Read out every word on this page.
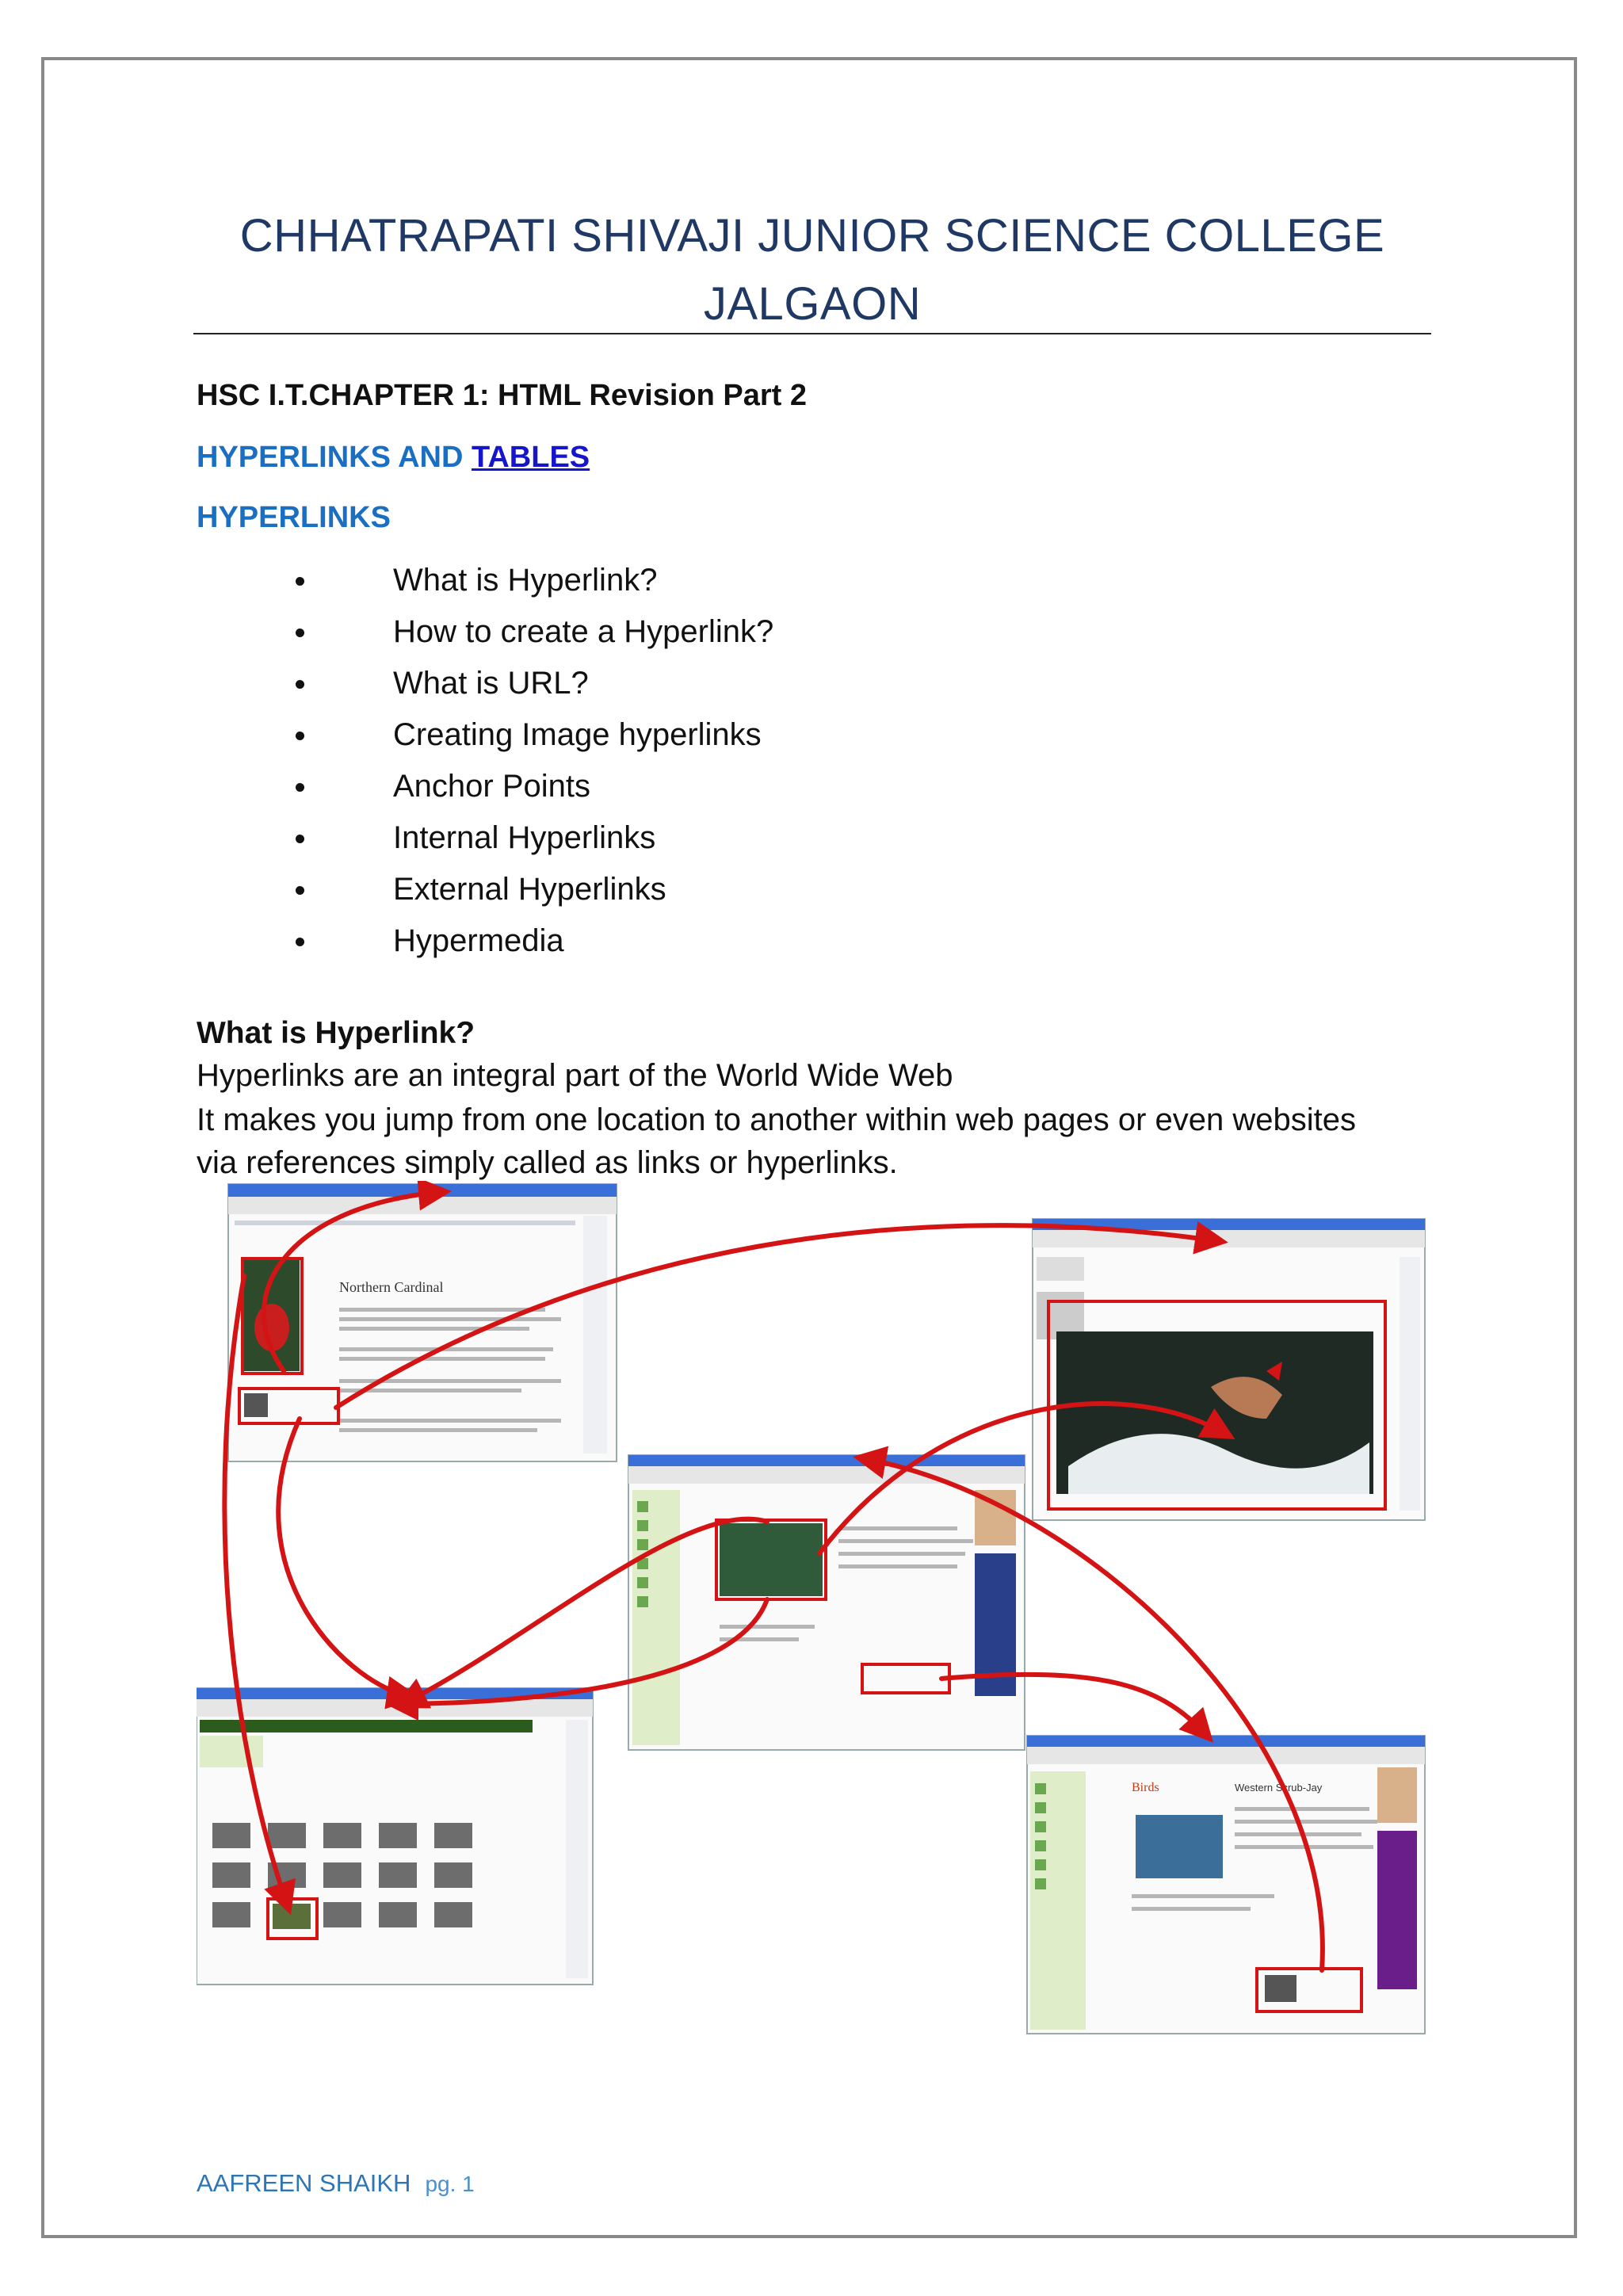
CHHATRAPATI SHIVAJI JUNIOR SCIENCE COLLEGE
JALGAON
HSC I.T.CHAPTER 1: HTML Revision Part 2
HYPERLINKS AND TABLES
HYPERLINKS
What is Hyperlink?
How to create a Hyperlink?
What is URL?
Creating Image hyperlinks
Anchor Points
Internal Hyperlinks
External Hyperlinks
Hypermedia
What is Hyperlink?
Hyperlinks are an integral part of the World Wide Web
It makes you jump from one location to another within web pages or even websites
via references simply called as links or hyperlinks.
Northern Cardinal
Birds	Western Scrub-Jay
AAFREEN SHAIKH pg. 1
